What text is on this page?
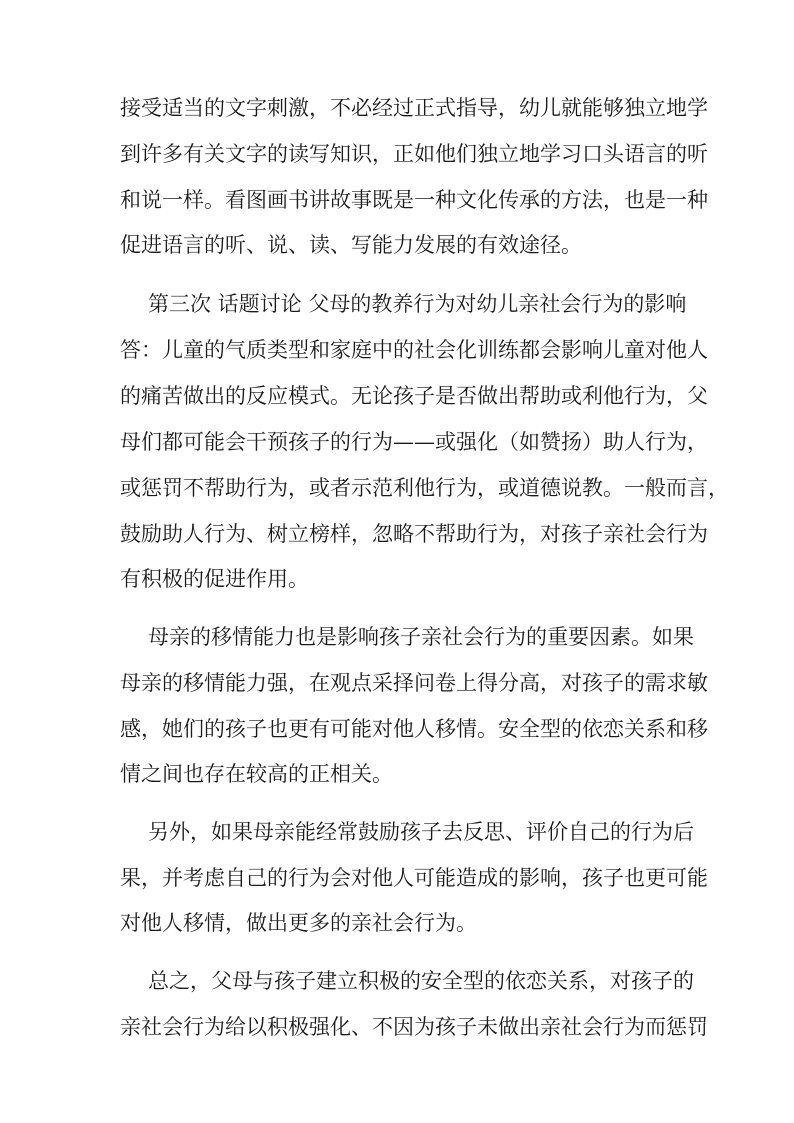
接受适当的文字刺激，不必经过正式指导，幼儿就能够独立地学
到许多有关文字的读写知识，正如他们独立地学习口头语言的听
和说一样。看图画书讲故事既是一种文化传承的方法，也是一种
促进语言的听、说、读、写能力发展的有效途径。
第三次 话题讨论 父母的教养行为对幼儿亲社会行为的影响
答：儿童的气质类型和家庭中的社会化训练都会影响儿童对他人
的痛苦做出的反应模式。无论孩子是否做出帮助或利他行为，父
母们都可能会干预孩子的行为——或强化（如赞扬）助人行为，
或惩罚不帮助行为，或者示范利他行为，或道德说教。一般而言，
鼓励助人行为、树立榜样，忽略不帮助行为，对孩子亲社会行为
有积极的促进作用。
母亲的移情能力也是影响孩子亲社会行为的重要因素。如果
母亲的移情能力强，在观点采择问卷上得分高，对孩子的需求敏
感，她们的孩子也更有可能对他人移情。安全型的依恋关系和移
情之间也存在较高的正相关。
另外，如果母亲能经常鼓励孩子去反思、评价自己的行为后
果，并考虑自己的行为会对他人可能造成的影响，孩子也更可能
对他人移情，做出更多的亲社会行为。
总之，父母与孩子建立积极的安全型的依恋关系，对孩子的
亲社会行为给以积极强化、不因为孩子未做出亲社会行为而惩罚
